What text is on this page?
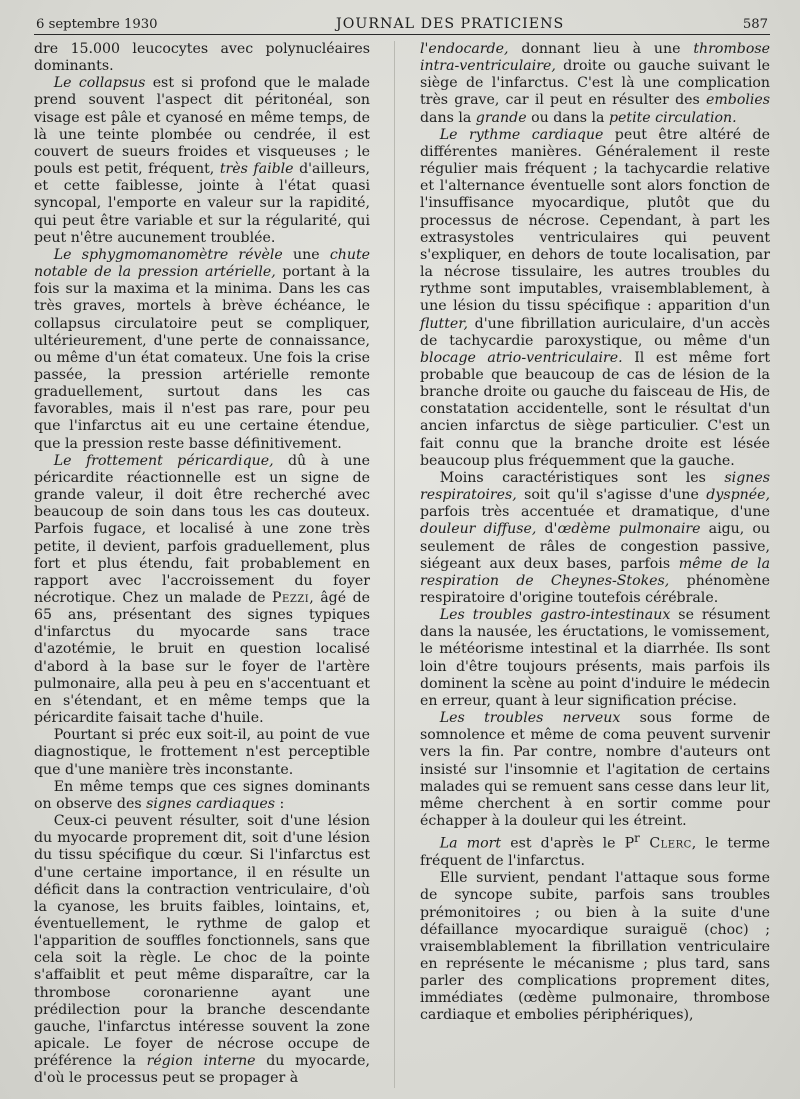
6 septembre 1930	JOURNAL DES PRATICIENS	587

dre 15.000 leucocytes avec polynucléaires dominants.

Le collapsus est si profond que le malade prend souvent l'aspect dit péritonéal, son visage est pâle et cyanosé en même temps, de là une teinte plombée ou cendrée, il est couvert de sueurs froides et visqueuses ; le pouls est petit, fréquent, très faible d'ailleurs, et cette faiblesse, jointe à l'état quasi syncopal, l'emporte en valeur sur la rapidité, qui peut être variable et sur la régularité, qui peut n'être aucunement troublée.

Le sphygmomanomètre révèle une chute notable de la pression artérielle, portant à la fois sur la maxima et la minima. Dans les cas très graves, mortels à brève échéance, le collapsus circulatoire peut se compliquer, ultérieurement, d'une perte de connaissance, ou même d'un état comateux. Une fois la crise passée, la pression artérielle remonte graduellement, surtout dans les cas favorables, mais il n'est pas rare, pour peu que l'infarctus ait eu une certaine étendue, que la pression reste basse définitivement.

Le frottement péricardique, dû à une péricardite réactionnelle est un signe de grande valeur, il doit être recherché avec beaucoup de soin dans tous les cas douteux. Parfois fugace, et localisé à une zone très petite, il devient, parfois graduellement, plus fort et plus étendu, fait probablement en rapport avec l'accroissement du foyer nécrotique. Chez un malade de Pezzi, âgé de 65 ans, présentant des signes typiques d'infarctus du myocarde sans trace d'azotémie, le bruit en question localisé d'abord à la base sur le foyer de l'artère pulmonaire, alla peu à peu en s'accentuant et en s'étendant, et en même temps que la péricardite faisait tache d'huile.

Pourtant si préc eux soit-il, au point de vue diagnostique, le frottement n'est perceptible que d'une manière très inconstante.

En même temps que ces signes dominants on observe des signes cardiaques :

Ceux-ci peuvent résulter, soit d'une lésion du myocarde proprement dit, soit d'une lésion du tissu spécifique du cœur. Si l'infarctus est d'une certaine importance, il en résulte un déficit dans la contraction ventriculaire, d'où la cyanose, les bruits faibles, lointains, et, éventuellement, le rythme de galop et l'apparition de souffles fonctionnels, sans que cela soit la règle. Le choc de la pointe s'affaiblit et peut même disparaître, car la thrombose coronarienne ayant une prédilection pour la branche descendante gauche, l'infarctus intéresse souvent la zone apicale. Le foyer de nécrose occupe de préférence la région interne du myocarde, d'où le processus peut se propager à

l'endocarde, donnant lieu à une thrombose intra-ventriculaire, droite ou gauche suivant le siège de l'infarctus. C'est là une complication très grave, car il peut en résulter des embolies dans la grande ou dans la petite circulation.

Le rythme cardiaque peut être altéré de différentes manières. Généralement il reste régulier mais fréquent ; la tachycardie relative et l'alternance éventuelle sont alors fonction de l'insuffisance myocardique, plutôt que du processus de nécrose. Cependant, à part les extrasystoles ventriculaires qui peuvent s'expliquer, en dehors de toute localisation, par la nécrose tissulaire, les autres troubles du rythme sont imputables, vraisemblablement, à une lésion du tissu spécifique : apparition d'un flutter, d'une fibrillation auriculaire, d'un accès de tachycardie paroxystique, ou même d'un blocage atrio-ventriculaire. Il est même fort probable que beaucoup de cas de lésion de la branche droite ou gauche du faisceau de His, de constatation accidentelle, sont le résultat d'un ancien infarctus de siège particulier. C'est un fait connu que la branche droite est lésée beaucoup plus fréquemment que la gauche.

Moins caractéristiques sont les signes respiratoires, soit qu'il s'agisse d'une dyspnée, parfois très accentuée et dramatique, d'une douleur diffuse, d'œdème pulmonaire aigu, ou seulement de râles de congestion passive, siégeant aux deux bases, parfois même de la respiration de Cheynes-Stokes, phénomène respiratoire d'origine toutefois cérébrale.

Les troubles gastro-intestinaux se résument dans la nausée, les éructations, le vomissement, le météorisme intestinal et la diarrhée. Ils sont loin d'être toujours présents, mais parfois ils dominent la scène au point d'induire le médecin en erreur, quant à leur signification précise.

Les troubles nerveux sous forme de somnolence et même de coma peuvent survenir vers la fin. Par contre, nombre d'auteurs ont insisté sur l'insomnie et l'agitation de certains malades qui se remuent sans cesse dans leur lit, même cherchent à en sortir comme pour échapper à la douleur qui les étreint.

La mort est d'après le $P^r$ Clerc, le terme fréquent de l'infarctus.

Elle survient, pendant l'attaque sous forme de syncope subite, parfois sans troubles prémonitoires ; ou bien à la suite d'une défaillance myocardique suraiguë (choc) ; vraisemblablement la fibrillation ventriculaire en représente le mécanisme ; plus tard, sans parler des complications proprement dites, immédiates (œdème pulmonaire, thrombose cardiaque et embolies périphériques),
